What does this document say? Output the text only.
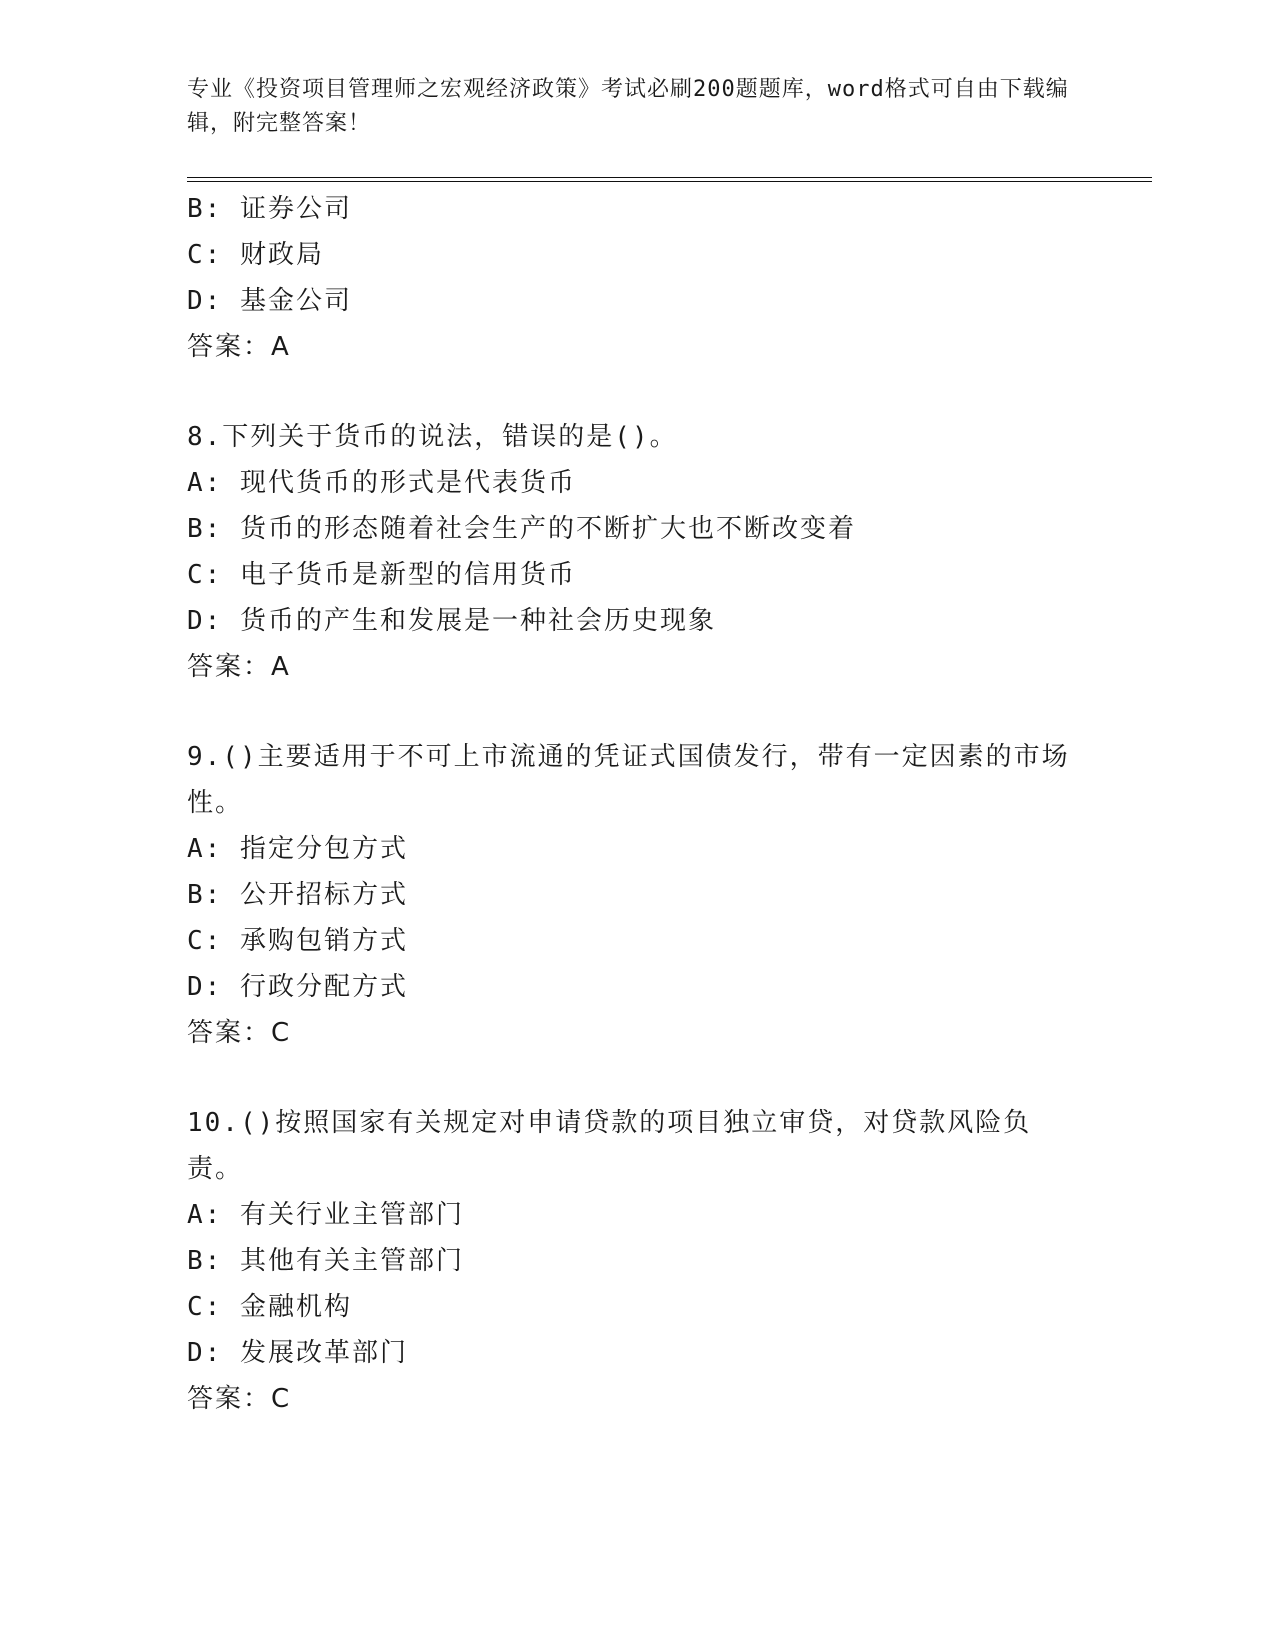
专业《投资项目管理师之宏观经济政策》考试必刷200题题库，word格式可自由下载编辑，附完整答案！
B: 证券公司
C: 财政局
D: 基金公司
答案：A
8.下列关于货币的说法，错误的是()。
A: 现代货币的形式是代表货币
B: 货币的形态随着社会生产的不断扩大也不断改变着
C: 电子货币是新型的信用货币
D: 货币的产生和发展是一种社会历史现象
答案：A
9.()主要适用于不可上市流通的凭证式国债发行，带有一定因素的市场性。
A: 指定分包方式
B: 公开招标方式
C: 承购包销方式
D: 行政分配方式
答案：C
10.()按照国家有关规定对申请贷款的项目独立审贷，对贷款风险负责。
A: 有关行业主管部门
B: 其他有关主管部门
C: 金融机构
D: 发展改革部门
答案：C
